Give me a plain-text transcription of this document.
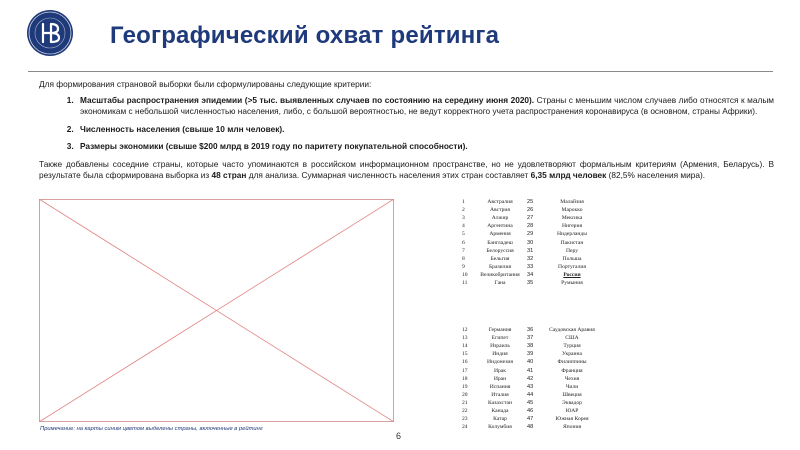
Географический охват рейтинга

Для формирования страновой выборки были сформулированы следующие критерии:

1. Масштабы распространения эпидемии (>5 тыс. выявленных случаев по состоянию на середину июня 2020). Страны с меньшим числом случаев либо относятся к малым экономикам с небольшой численностью населения, либо, с большой вероятностью, не ведут корректного учета распространения коронавируса (в основном, страны Африки).
2. Численность населения (свыше 10 млн человек).
3. Размеры экономики (свыше $200 млрд в 2019 году по паритету покупательной способности).

Также добавлены соседние страны, которые часто упоминаются в российском информационном пространстве, но не удовлетворяют формальным критериям (Армения, Беларусь). В результате была сформирована выборка из 48 стран для анализа. Суммарная численность населения этих стран составляет 6,35 млрд человек (82,5% населения мира).

1	Австралия	25	Малайзия
2	Австрия	26	Марокко
3	Алжир	27	Мексика
4	Аргентина	28	Нигерия
5	Армения	29	Нидерланды
6	Бангладеш	30	Пакистан
7	Белоруссия	31	Перу
8	Бельгия	32	Польша
9	Бразилия	33	Португалия
10	Великобритания	34	Россия
11	Гана	35	Румыния
12	Германия	36	Саудовская Аравия
13	Египет	37	США
14	Израиль	38	Турция
15	Индия	39	Украина
16	Индонезия	40	Филиппины
17	Ирак	41	Франция
18	Иран	42	Чехия
19	Испания	43	Чили
20	Италия	44	Швеция
21	Казахстан	45	Эквадор
22	Канада	46	ЮАР
23	Катар	47	Южная Корея
24	Колумбия	48	Япония
Примечание: на карты синим цветом выделены страны, включенные в рейтинг
6
